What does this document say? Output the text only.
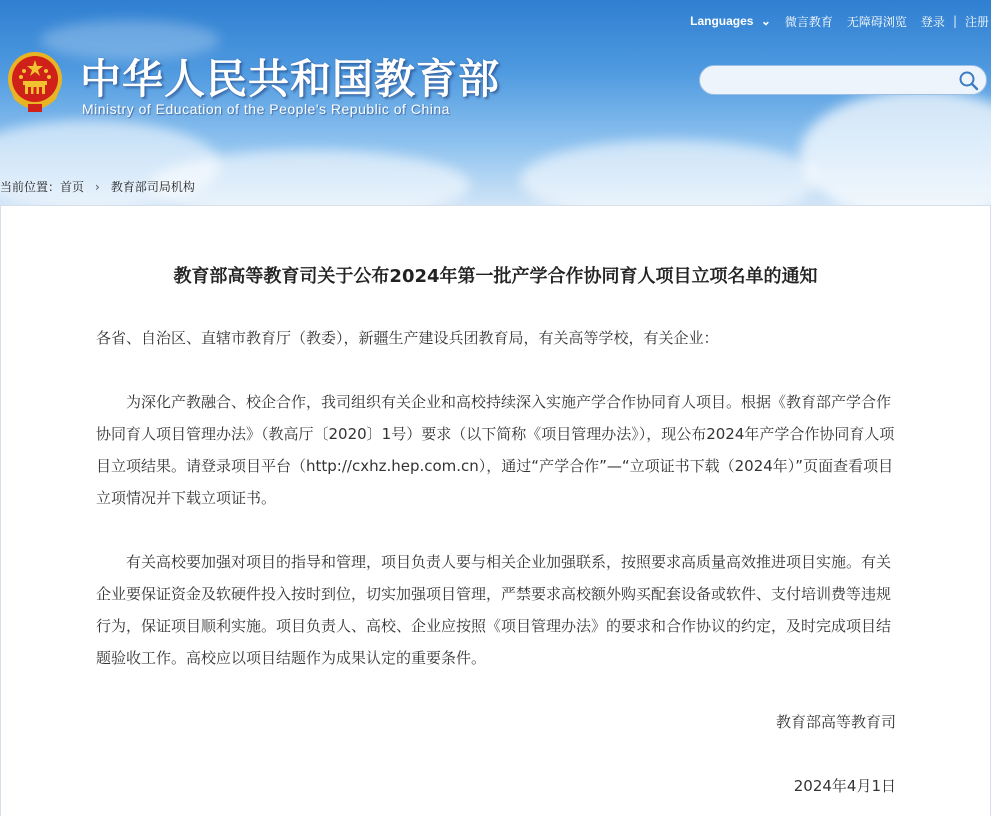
Languages ⌄ 微言教育 无障碍浏览 登录 | 注册
中华人民共和国教育部
Ministry of Education of the People's Republic of China
当前位置： 首页 › 教育部司局机构
教育部高等教育司关于公布2024年第一批产学合作协同育人项目立项名单的通知

各省、自治区、直辖市教育厅（教委），新疆生产建设兵团教育局，有关高等学校，有关企业：

为深化产教融合、校企合作，我司组织有关企业和高校持续深入实施产学合作协同育人项目。根据《教育部产学合作协同育人项目管理办法》（教高厅〔2020〕1号）要求（以下简称《项目管理办法》），现公布2024年产学合作协同育人项目立项结果。请登录项目平台（http://cxhz.hep.com.cn），通过“产学合作”—“立项证书下载（2024年）”页面查看项目立项情况并下载立项证书。

有关高校要加强对项目的指导和管理，项目负责人要与相关企业加强联系，按照要求高质量高效推进项目实施。有关企业要保证资金及软硬件投入按时到位，切实加强项目管理，严禁要求高校额外购买配套设备或软件、支付培训费等违规行为，保证项目顺利实施。项目负责人、高校、企业应按照《项目管理办法》的要求和合作协议的约定，及时完成项目结题验收工作。高校应以项目结题作为成果认定的重要条件。

教育部高等教育司

2024年4月1日
